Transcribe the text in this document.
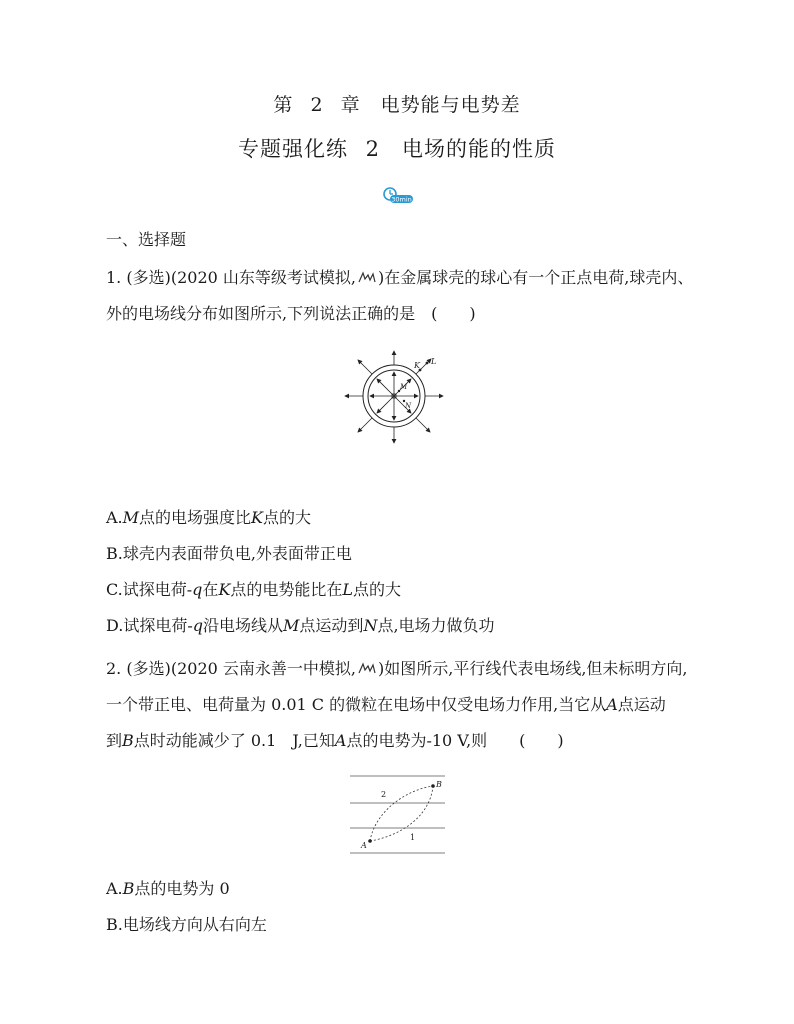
第 2 章　电势能与电势差
专题强化练 2　电场的能的性质
30min
一、选择题
1. (多选)(2020 山东等级考试模拟, )在金属球壳的球心有一个正点电荷,球壳内、
外的电场线分布如图所示,下列说法正确的是　(　　)
K L
M
N
A.M点的电场强度比K点的大
B.球壳内表面带负电,外表面带正电
C.试探电荷-q在K点的电势能比在L点的大
D.试探电荷-q沿电场线从M点运动到N点,电场力做负功
2. (多选)(2020 云南永善一中模拟, )如图所示,平行线代表电场线,但未标明方向,
一个带正电、电荷量为 0.01 C 的微粒在电场中仅受电场力作用,当它从A点运动
到B点时动能减少了 0.1　J,已知A点的电势为-10 V,则　　(　　)
A
B
1
2
A.B点的电势为 0
B.电场线方向从右向左
